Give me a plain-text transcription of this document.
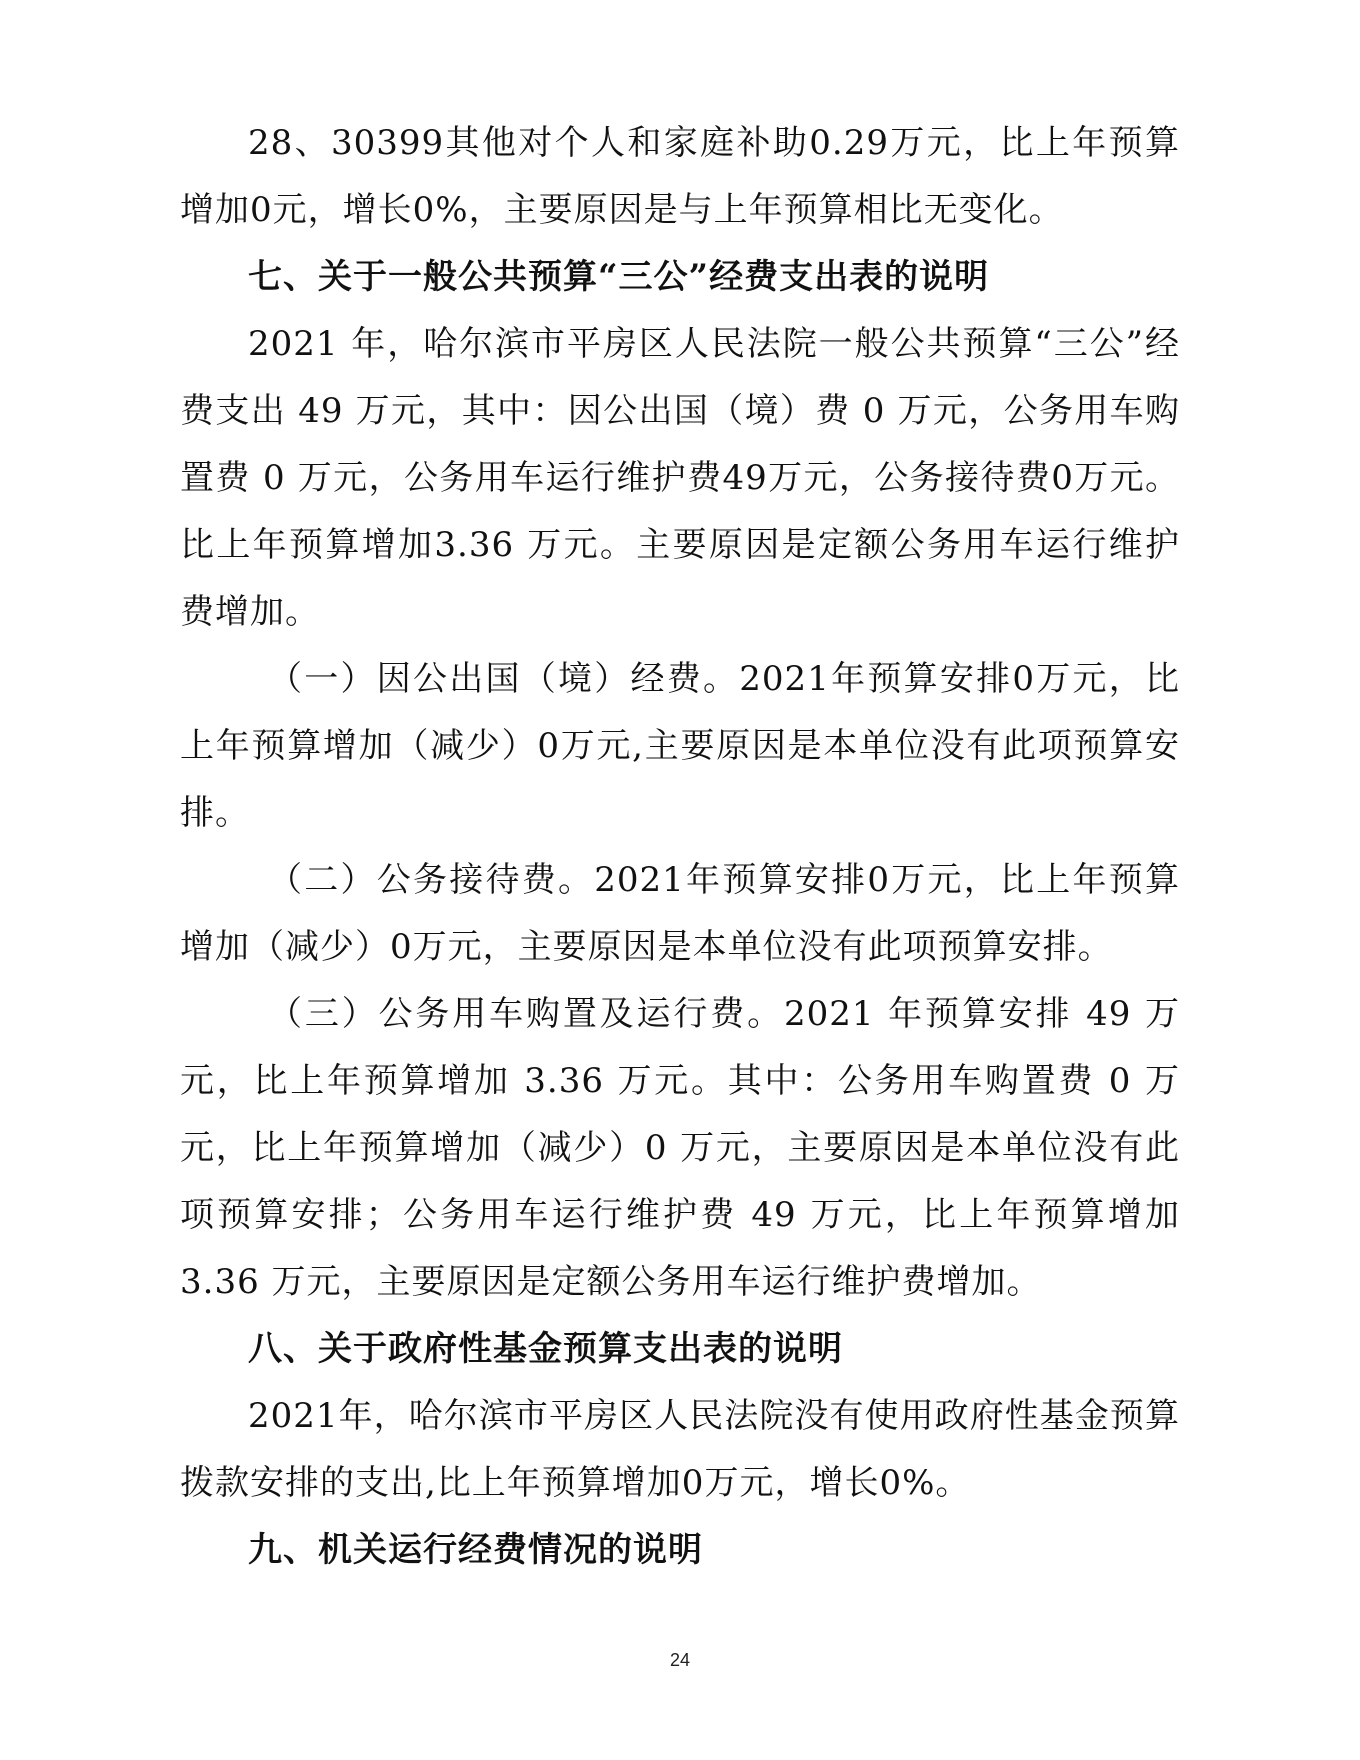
28、30399其他对个人和家庭补助0.29万元，比上年预算增加0元，增长0%，主要原因是与上年预算相比无变化。

七、关于一般公共预算“三公”经费支出表的说明

2021 年，哈尔滨市平房区人民法院一般公共预算“三公”经费支出 49 万元，其中：因公出国（境）费 0 万元，公务用车购置费 0 万元，公务用车运行维护费49万元，公务接待费0万元。比上年预算增加3.36 万元。主要原因是定额公务用车运行维护费增加。

（一）因公出国（境）经费。2021年预算安排0万元，比上年预算增加（减少）0万元,主要原因是本单位没有此项预算安排。

（二）公务接待费。2021年预算安排0万元，比上年预算增加（减少）0万元，主要原因是本单位没有此项预算安排。

（三）公务用车购置及运行费。2021 年预算安排 49 万元，比上年预算增加 3.36 万元。其中：公务用车购置费 0 万元，比上年预算增加（减少）0 万元，主要原因是本单位没有此项预算安排；公务用车运行维护费 49 万元，比上年预算增加 3.36 万元，主要原因是定额公务用车运行维护费增加。

八、关于政府性基金预算支出表的说明

2021年，哈尔滨市平房区人民法院没有使用政府性基金预算拨款安排的支出,比上年预算增加0万元，增长0%。

九、机关运行经费情况的说明

24
